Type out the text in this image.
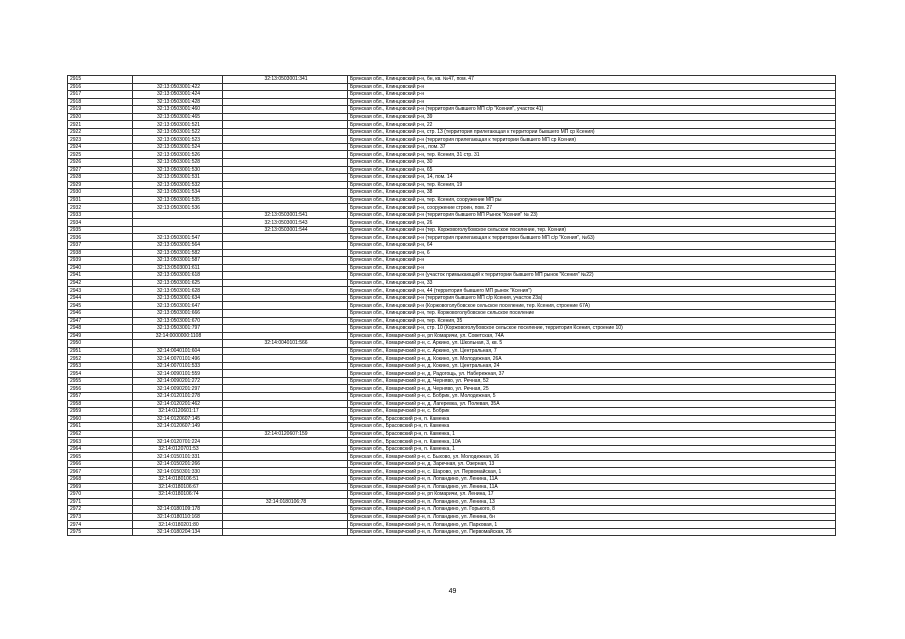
2915		32:13:0503001:341	Брянская обл., Клинцовский р-н, бн, кв. №47, пом. 47
2916	32:13:0503001:422		Брянская обл., Клинцовский р-н
2917	32:13:0503001:424		Брянская обл., Клинцовский р-н
2918	32:13:0503001:428		Брянская обл., Клинцовский р-н
2919	32:13:0503001:460		Брянская обл., Клинцовский р-н (территория бывшего МП с/р "Ксения", участок 41)
2920	32:13:0503001:465		Брянская обл., Клинцовский р-н, 39
2921	32:13:0503001:521		Брянская обл., Клинцовский р-н, 22
2922	32:13:0503001:522		Брянская обл., Клинцовский р-н, стр. 13 (территория прилегающая к территории бывшего МП ср Ксения)
2923	32:13:0503001:523		Брянская обл., Клинцовский р-н (территория прилегающая к территории бывшего МП ср Ксения)
2924	32:13:0503001:524		Брянская обл., Клинцовский р-н,, пом. 37
2925	32:13:0503001:526		Брянская обл., Клинцовский р-н, тер. Ксения, 31 стр. 31
2926	32:13:0503001:528		Брянская обл., Клинцовский р-н, 30
2927	32:13:0503001:530		Брянская обл., Клинцовский р-н, 65
2928	32:13:0503001:531		Брянская обл., Клинцовский р-н, 14, пом. 14
2929	32:13:0503001:532		Брянская обл., Клинцовский р-н, тер. Ксения, 19
2930	32:13:0503001:534		Брянская обл., Клинцовский р-н, 38
2931	32:13:0503001:535		Брянская обл., Клинцовский р-н, тер. Ксения, сооружение МП ры
2932	32:13:0503001:536		Брянская обл., Клинцовский р-н, сооружение строен, пом. 27
2933		32:13:0503001:541	Брянская обл., Клинцовский р-н (территория бывшего МП Рынок "Ксения" № 23)
2934		32:13:0503001:543	Брянская обл., Клинцовский р-н, 26
2935		32:13:0503001:544	Брянская обл., Клинцовский р-н (тер. Коржовоголубовское сельское поселение, тер. Ксения)
2936	32:13:0503001:547		Брянская обл., Клинцовский р-н (территория прилегающая к территории бывшего МП с/р "Ксения", №63)
2937	32:13:0503001:564		Брянская обл., Клинцовский р-н, 64
2938	32:13:0503001:582		Брянская обл., Клинцовский р-н, 6
2939	32:13:0503001:587		Брянская обл., Клинцовский р-н
2940	32:13:0503001:611		Брянская обл., Клинцовский р-н
2941	32:13:0503001:618		Брянская обл., Клинцовский р-н (участок примыкающий к территории бывшего МП рынок "Ксения" №22)
2942	32:13:0503001:625		Брянская обл., Клинцовский р-н, 33
2943	32:13:0503001:628		Брянская обл., Клинцовский р-н, 44 (территория бывшего МП рынок "Ксения")
2944	32:13:0503001:634		Брянская обл., Клинцовский р-н (территория бывшего МП с/р Ксения, участок 23а)
2945	32:13:0503001:647		Брянская обл., Клинцовский р-н (Коржовоголубовское сельское поселение, тер. Ксения, строение 67А)
2946	32:13:0503001:666		Брянская обл., Клинцовский р-н, тер. Коржовоголубовское сельское поселение
2947	32:13:0503001:670		Брянская обл., Клинцовский р-н, тер. Ксения, 35
2948	32:13:0503001:797		Брянская обл., Клинцовский р-н, стр. 10 (Коржовоголубовское сельское поселение, территория Ксения, строение 10)
2949	32:14:0000000:1108		Брянская обл., Комаричский р-н, рп Комаричи, ул. Советская, 74А
2950		32:14:0040101:566	Брянская обл., Комаричский р-н, с. Аркино, ул. Школьная, 3, кв. 5
2951	32:14:0040101:604		Брянская обл., Комаричский р-н, с. Аркино, ул. Центральная, 7
2952	32:14:0070101:496		Брянская обл., Комаричский р-н, д. Кокино, ул. Молодежная, 26А
2953	32:14:0070101:533		Брянская обл., Комаричский р-н, д. Кокино, ул. Центральная, 24
2954	32:14:0090101:559		Брянская обл., Комаричский р-н, д. Радогощь, ул. Набережная, 37
2955	32:14:0090201:272		Брянская обл., Комаричский р-н, д. Черняво, ул. Речная, 52
2956	32:14:0090201:297		Брянская обл., Комаричский р-н, д. Черняво, ул. Речная, 25
2957	32:14:0120101:278		Брянская обл., Комаричский р-н, с. Бобрик, ул. Молодежная, 5
2958	32:14:0120201:462		Брянская обл., Комаричский р-н, д. Лагеревка, ул. Полевая, 35А
2959	32:14:0120601:17		Брянская обл., Комаричский р-н, с. Бобрик
2960	32:14:0120607:145		Брянская обл., Брасовский р-н, п. Каменка
2961	32:14:0120607:149		Брянская обл., Брасовский р-н, п. Каменка
2962		32:14:0120607:159	Брянская обл., Брасовский р-н, п. Каменка, 1
2963	32:14:0120701:224		Брянская обл., Брасовский р-н, п. Каменка, 10А
2964	32:14:0120701:53		Брянская обл., Брасовский р-н, п. Каменка, 1
2965	32:14:0150101:331		Брянская обл., Комаричский р-н, с. Быхово, ул. Молодежная, 16
2966	32:14:0150201:266		Брянская обл., Комаричский р-н, д. Заречная, ул. Озерная, 13
2967	32:14:0150301:330		Брянская обл., Комаричский р-н, с. Шарово, ул. Первомайская, 1
2968	32:14:0180106:51		Брянская обл., Комаричский р-н, п. Лопандино, ул. Ленина, 11А
2969	32:14:0180106:67		Брянская обл., Комаричский р-н, п. Лопандино, ул. Ленина, 11А
2970	32:14:0180106:74		Брянская обл., Комаричский р-н, рп Комаричи, ул. Ленина, 17
2971		32:14:0180106:78	Брянская обл., Комаричский р-н, п. Лопандино, ул. Ленина, 13
2972	32:14:0180109:178		Брянская обл., Комаричский р-н, п. Лопандино, ул. Горького, 8
2973	32:14:0180110:168		Брянская обл., Комаричский р-н, п. Лопандино, ул. Ленина, бн
2974	32:14:0180201:80		Брянская обл., Комаричский р-н, п. Лопандино, ул. Парковая, 1
2975	32:14:0180204:134		Брянская обл., Комаричский р-н, п. Лопандино, ул. Первомайская, 26
49
